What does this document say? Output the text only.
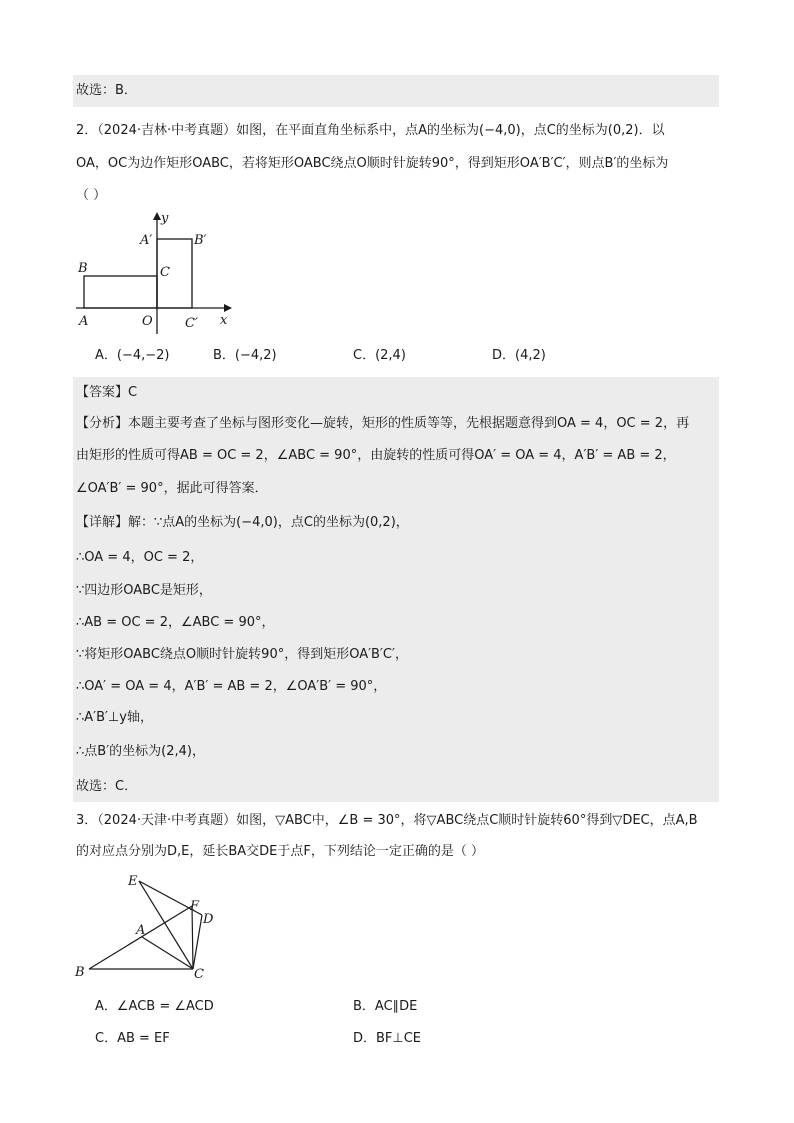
故选：B．
2．（2024·吉林·中考真题）如图，在平面直角坐标系中，点A的坐标为(−4,0)，点C的坐标为(0,2)．以
OA，OC为边作矩形OABC，若将矩形OABC绕点O顺时针旋转90°，得到矩形OA′B′C′，则点B′的坐标为
（ ）
y
x
A′	B′
B	C
A	O C′
A．(−4,−2)	B．(−4,2)	C．(2,4)	D．(4,2)
【答案】C
【分析】本题主要考查了坐标与图形变化—旋转，矩形的性质等等，先根据题意得到OA = 4，OC = 2，再
由矩形的性质可得AB = OC = 2，∠ABC = 90°，由旋转的性质可得OA′ = OA = 4，A′B′ = AB = 2，
∠OA′B′ = 90°，据此可得答案．
【详解】解：∵点A的坐标为(−4,0)，点C的坐标为(0,2)，
∴OA = 4，OC = 2，
∵四边形OABC是矩形，
∴AB = OC = 2，∠ABC = 90°，
∵将矩形OABC绕点O顺时针旋转90°，得到矩形OA′B′C′，
∴OA′ = OA = 4，A′B′ = AB = 2，∠OA′B′ = 90°，
∴A′B′⊥y轴，
∴点B′的坐标为(2,4)，
故选：C．
3．（2024·天津·中考真题）如图，▽ABC中，∠B = 30°，将▽ABC绕点C顺时针旋转60°得到▽DEC，点A,B
的对应点分别为D,E，延长BA交DE于点F，下列结论一定正确的是（ ）
E
F
D
A
B	C
A．∠ACB = ∠ACD	B．AC∥DE
C．AB = EF	D．BF⊥CE
